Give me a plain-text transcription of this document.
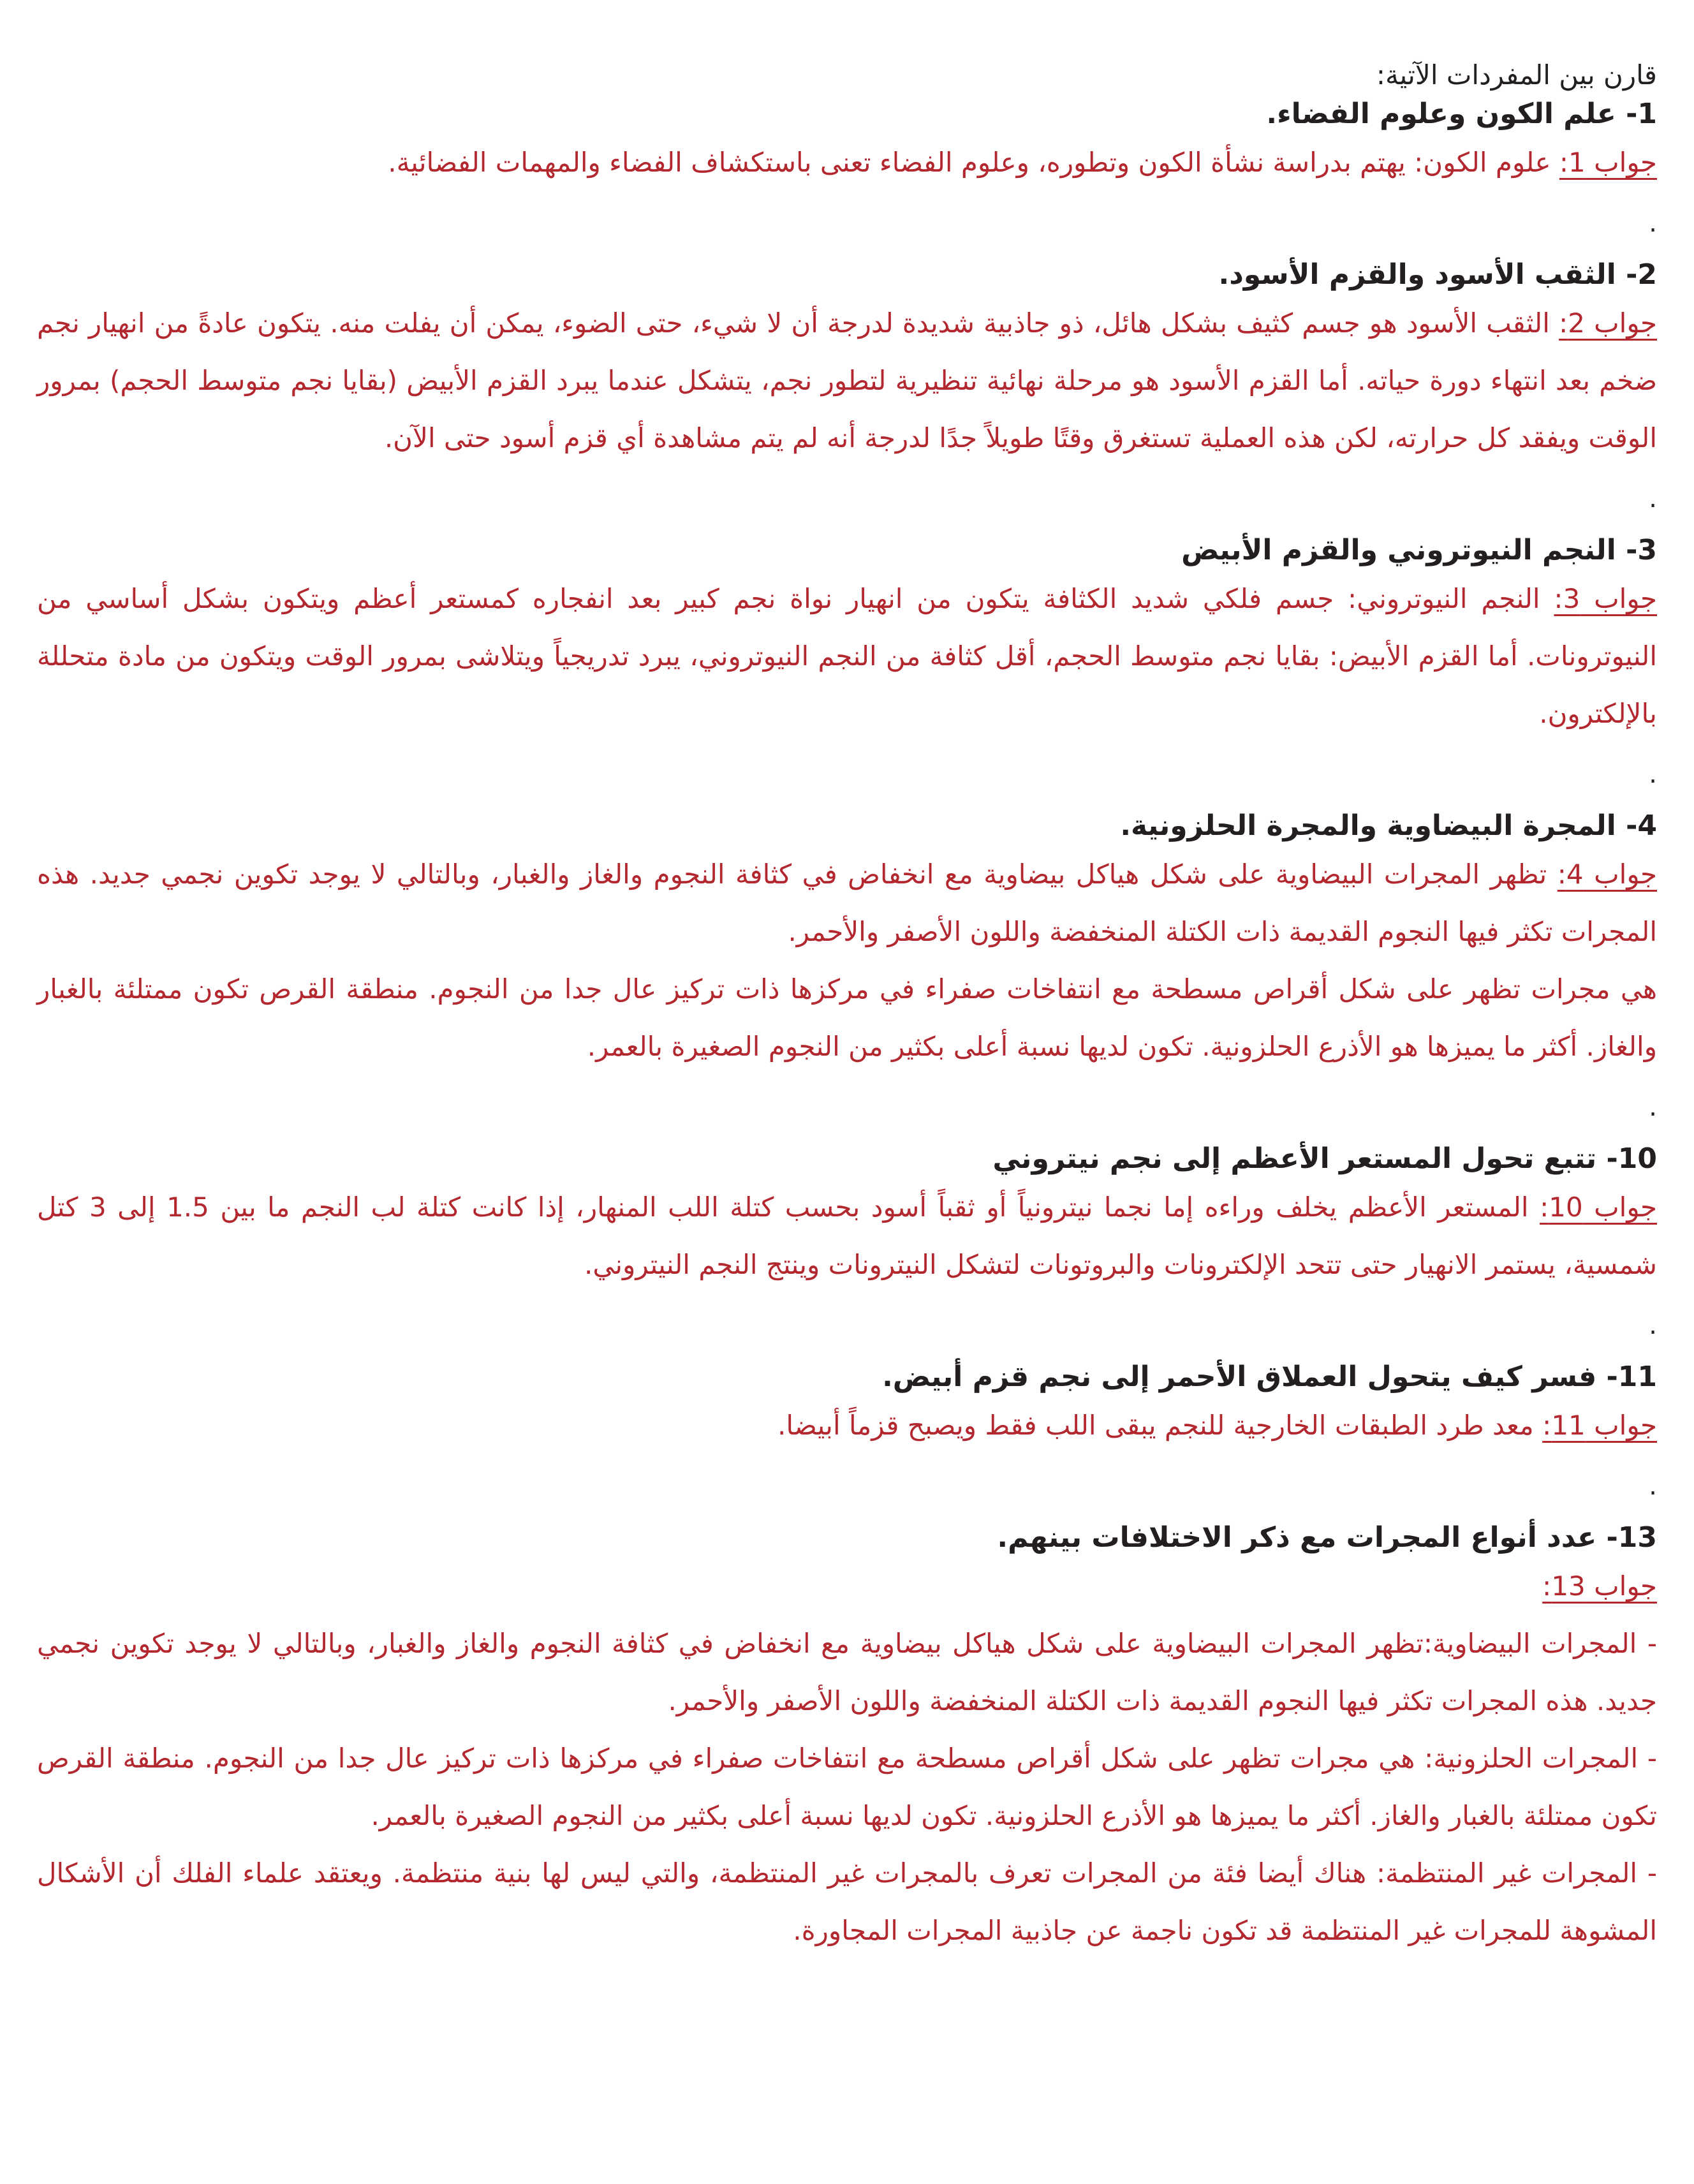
قارن بين المفردات الآتية:
1- علم الكون وعلوم الفضاء.
جواب 1: علوم الكون: يهتم بدراسة نشأة الكون وتطوره، وعلوم الفضاء تعنى باستكشاف الفضاء والمهمات الفضائية.
.
2- الثقب الأسود والقزم الأسود.
جواب 2: الثقب الأسود هو جسم كثيف بشكل هائل، ذو جاذبية شديدة لدرجة أن لا شيء، حتى الضوء، يمكن أن يفلت منه. يتكون عادةً من انهيار نجم ضخم بعد انتهاء دورة حياته. أما القزم الأسود هو مرحلة نهائية تنظيرية لتطور نجم، يتشكل عندما يبرد القزم الأبيض (بقايا نجم متوسط الحجم) بمرور الوقت ويفقد كل حرارته، لكن هذه العملية تستغرق وقتًا طويلاً جدًا لدرجة أنه لم يتم مشاهدة أي قزم أسود حتى الآن.
.
3- النجم النيوتروني والقزم الأبيض
جواب 3: النجم النيوتروني: جسم فلكي شديد الكثافة يتكون من انهيار نواة نجم كبير بعد انفجاره كمستعر أعظم ويتكون بشكل أساسي من النيوترونات. أما القزم الأبيض: بقايا نجم متوسط الحجم، أقل كثافة من النجم النيوتروني، يبرد تدريجياً ويتلاشى بمرور الوقت ويتكون من مادة متحللة بالإلكترون.
.
4- المجرة البيضاوية والمجرة الحلزونية.
جواب 4: تظهر المجرات البيضاوية على شكل هياكل بيضاوية مع انخفاض في كثافة النجوم والغاز والغبار، وبالتالي لا يوجد تكوين نجمي جديد. هذه المجرات تكثر فيها النجوم القديمة ذات الكتلة المنخفضة واللون الأصفر والأحمر.
هي مجرات تظهر على شكل أقراص مسطحة مع انتفاخات صفراء في مركزها ذات تركيز عال جدا من النجوم. منطقة القرص تكون ممتلئة بالغبار والغاز. أكثر ما يميزها هو الأذرع الحلزونية. تكون لديها نسبة أعلى بكثير من النجوم الصغيرة بالعمر.
.
10- تتبع تحول المستعر الأعظم إلى نجم نيتروني
جواب 10: المستعر الأعظم يخلف وراءه إما نجما نيترونياً أو ثقباً أسود بحسب كتلة اللب المنهار، إذا كانت كتلة لب النجم ما بين 1.5 إلى 3 كتل شمسية، يستمر الانهيار حتى تتحد الإلكترونات والبروتونات لتشكل النيترونات وينتج النجم النيتروني.
.
11- فسر كيف يتحول العملاق الأحمر إلى نجم قزم أبيض.
جواب 11: معد طرد الطبقات الخارجية للنجم يبقى اللب فقط ويصبح قزماً أبيضا.
.
13- عدد أنواع المجرات مع ذكر الاختلافات بينهم.
جواب 13:
- المجرات البيضاوية:تظهر المجرات البيضاوية على شكل هياكل بيضاوية مع انخفاض في كثافة النجوم والغاز والغبار، وبالتالي لا يوجد تكوين نجمي جديد. هذه المجرات تكثر فيها النجوم القديمة ذات الكتلة المنخفضة واللون الأصفر والأحمر.
- المجرات الحلزونية: هي مجرات تظهر على شكل أقراص مسطحة مع انتفاخات صفراء في مركزها ذات تركيز عال جدا من النجوم. منطقة القرص تكون ممتلئة بالغبار والغاز. أكثر ما يميزها هو الأذرع الحلزونية. تكون لديها نسبة أعلى بكثير من النجوم الصغيرة بالعمر.
- المجرات غير المنتظمة: هناك أيضا فئة من المجرات تعرف بالمجرات غير المنتظمة، والتي ليس لها بنية منتظمة. ويعتقد علماء الفلك أن الأشكال المشوهة للمجرات غير المنتظمة قد تكون ناجمة عن جاذبية المجرات المجاورة.
